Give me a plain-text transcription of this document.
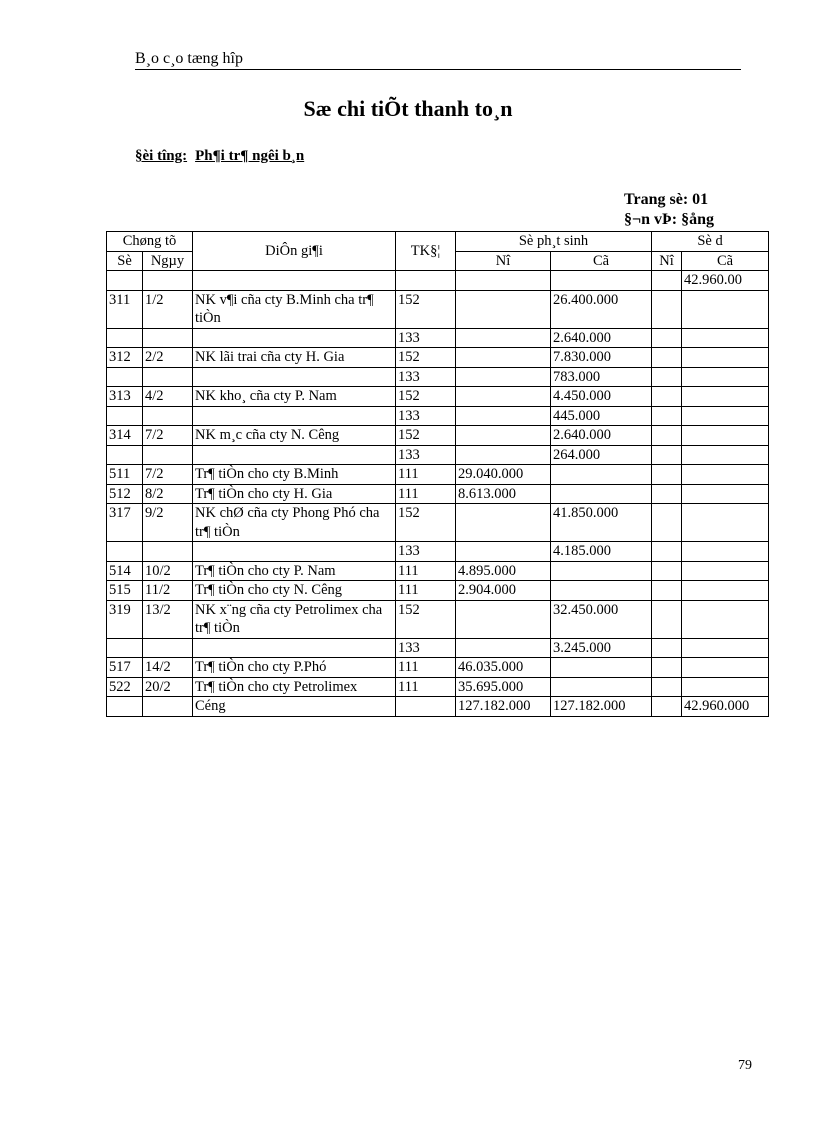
B¸o c¸o tæng hîp
Sæ chi tiÕt thanh to¸n
§èi tîng: Ph¶i tr¶ ngêi b¸n
Trang sè: 01
§¬n vÞ: §ång
Chøng tõ		DiÔn gi¶i	TK§¦	Sè ph¸t sinh		Sè d	
Sè	Ngµy			Nî	Cã	Nî	Cã
							42.960.00
311	1/2	NK v¶i cña cty B.Minh cha tr¶ tiÒn	152		26.400.000		
			133		2.640.000		
312	2/2	NK lãi trai cña cty H. Gia	152		7.830.000		
			133		783.000		
313	4/2	NK kho¸ cña cty P. Nam	152		4.450.000		
			133		445.000		
314	7/2	NK m¸c cña cty N. Cêng	152		2.640.000		
			133		264.000		
511	7/2	Tr¶ tiÒn cho cty B.Minh	111	29.040.000			
512	8/2	Tr¶ tiÒn cho cty H. Gia	111	8.613.000			
317	9/2	NK chØ cña cty Phong Phó cha tr¶ tiÒn	152		41.850.000		
			133		4.185.000		
514	10/2	Tr¶ tiÒn cho cty P. Nam	111	4.895.000			
515	11/2	Tr¶ tiÒn cho cty N. Cêng	111	2.904.000			
319	13/2	NK x¨ng cña cty Petrolimex cha tr¶ tiÒn	152		32.450.000		
			133		3.245.000		
517	14/2	Tr¶ tiÒn cho cty P.Phó	111	46.035.000			
522	20/2	Tr¶ tiÒn cho cty Petrolimex	111	35.695.000			
		Céng		127.182.000	127.182.000		42.960.000
79
